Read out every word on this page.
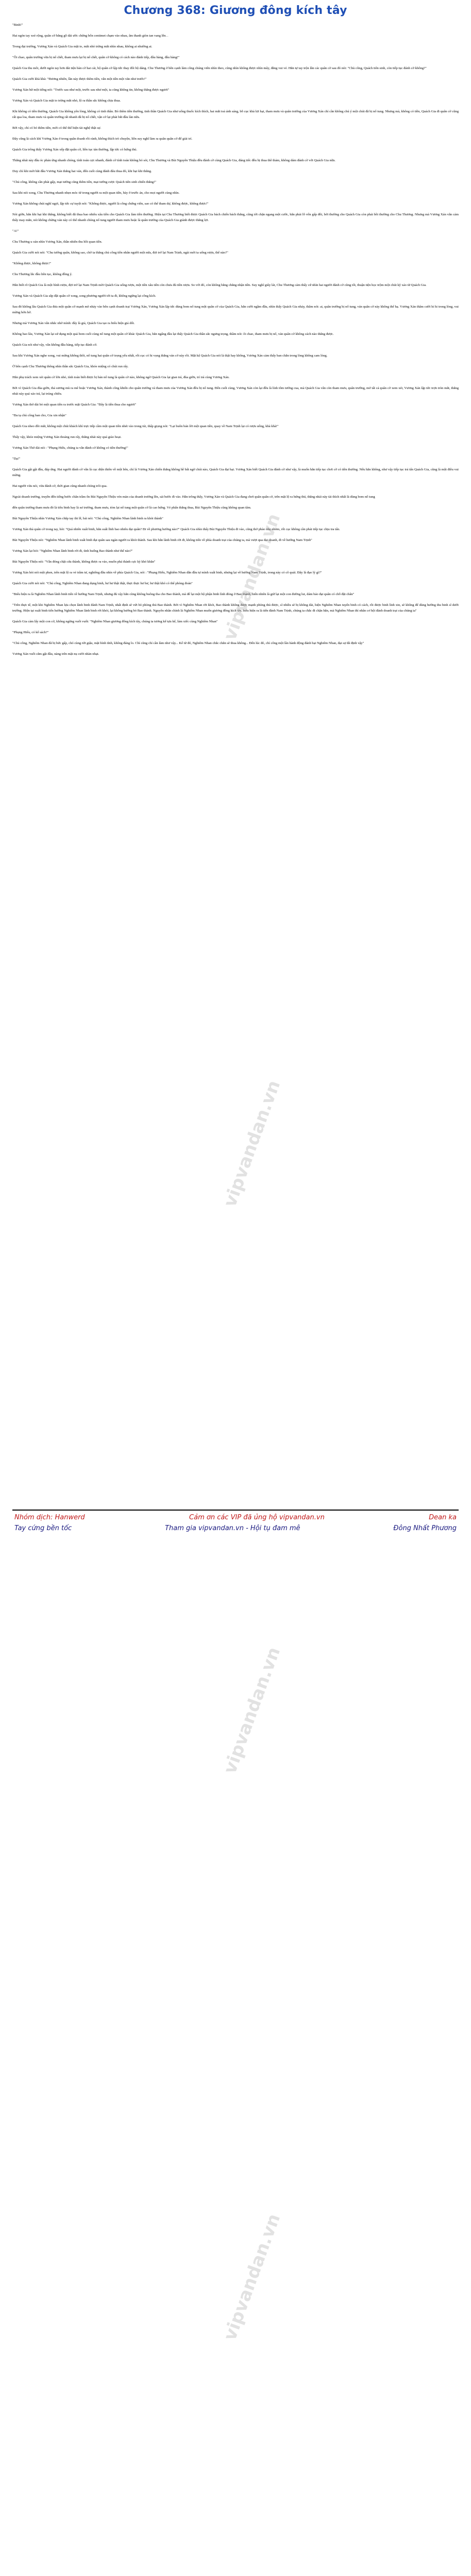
Chương 368: Giương đông kích tây

"Binh!"

Hai ngón tay xoè rộng, quân cờ bằng gỗ dài ước chừng bốn centimet chạm vào nhau, âm thanh giòn tan vang lên. .

Trong đại trướng, Vương Xán và Quách Gia mặt to, mắt nhỏ trừng mắt nhìn nhau, không ai nhường ai.

"Ôi chao, quân trướng vừa bị nổ chết, tham mưu lại bị nổ chết, quân cờ không có cách nào đánh tiếp, đầu hàng, đầu hàng!"

Quách Gia thu môi, dưới ngón tay hơn đái tiện bàn cờ hai cái, bộ quân cờ lập tức thay đổi bộ dáng. Chu Thương ở bên cạnh làm công chúng viên nhìn theo, cũng nhìn không được nhìn mây, đăng vui vẻ. Hẳn tự tay trộn lẫn các quân cờ sau đó nói: "Chủ công, Quách tiên sinh, còn tiếp tục đánh cờ không?"

Quách Gia cười khà khà: "Đương nhiên, lần này được thêm tiền, vẫn một tiền một văn như trước!"

Vương Xán hừ một tiếng nói: "Trước sau như một, trước sau như một, ta cũng không tin, không thắng được ngươi"

Vương Xán và Quách Gia mặt to trừng mắt nhỏ, lộ ra thần sắc không chịu thua.

Khi không có tiền thưởng, Quách Gia không yên lòng, không có tinh thần. Bỏ thêm tiền thưởng, tinh thần Quách Gia như uống thuốc kích thích, hai mắt toả ánh sáng, bỗ cục khả lợi hại, tham mưu và quân trướng của Vương Xán chỉ cần không chú ý một chút đã bị nổ tung. Nhưng mà, không có tiền, Quách Gia đi quân cờ cũng rất qua loa, tham mưu và quân trướng rất nhanh đã bị nổ chết, vận cờ lại phải bắt đầu làn nữa.

Bởi vậy, chỉ có bỏ thêm tiền, mới có thể thể hiện tài nghệ thật sự.

Đây cũng là cách khí Vương Xán ở trong quân doanh rồi rảnh, không thích trò chuyện, liền suy nghĩ làm ra quân quân cờ để giải trí.

Quách Gia trông thấy Vương Xán xếp đặt quân cờ, liền tục tán thưởng, lập tức có hứng thú.

Thắng nhái này đầu óc phản ứng nhanh chóng, tính toán cực nhanh, đánh cờ tính toán không bỏ sót, Chu Thương và Bùi Nguyên Thiệu đều đánh cờ cùng Quách Gia, đáng tiếc đều bị thua thê thảm, không dám đánh cờ với Quách Gia nữa.

Duy chỉ khi mới bắt đầu Vương Xán thắng hai ván, đến cuối cùng đánh đâu thua đó, khi bại khi thắng.

"Chủ công, không cần phải gấp, mạt tướng cũng thêm tiền, mạt tướng cược Quách tiên sinh chiến thắng!"

Sau khi nói xong, Chu Thương nhanh nhẹn móc từ trong người ra một quan tiền, bày ở trước án, cho mọi người cùng nhìn.

Vương Xán không chút nghĩ ngợi, lập tức cự tuyệt nói: "Không được, người là công chứng viên, sao có thể tham dự, không được, không được!"

Nói giỡn, hắn khi bại khi thắng, không biết đã thua bao nhiêu xâu tiền cho Quách Gia làm tiền thưởng. Hiện tại Chu Thương biết được Quách Gia bách chiến bách thắng, cũng tới chặn ngang một cước, hắn phải lỗ vốn gấp đôi, bởi thường cho Quách Gia còn phải bồi thường cho Chu Thương. Nhưng mà Vương Xán vẫn cảm thấy may mắn, nói không chừng ván này có thể nhanh chóng nổ tung người tham mưu hoặc là quân trướng của Quách Gia giành được thắng lợi.

"A!"

Chu Thương u oán nhìn Vương Xán, thần nhiên thu hồi quan tiền.

Quách Gia cười nói nói: "Chu tướng quân, không sao, chờ ta thắng chủ công tiền nhân người một nửa, đợi trở lại Nam Trịnh, ngài mời ta uống rượu, thế nào?"

"Không được, không được!"

Chu Thương lắc đầu liên tục, không đồng ý.

Hắn biết rõ Quách Gia là một bình rượu, đợi trở lại Nam Trịnh mời Quách Gia uống rượu, một tiền xâu tiền còn chưa đủ tiền rượu. So với đó, còn không bằng chẳng nhận tiền. Suy nghĩ giây lát, Chu Thương cảm thấy cứ nhìn hai người đánh cờ cũng tốt, thuận tiện học trộm một chút kỹ xảo từ Quách Gia.

Vương Xán và Quách Gia sắp đặt quân cờ xong, song phương người tới ta đi, không ngừng lại công kích.

Sau đó không lâu Quách Gia đưa một quân cờ mạnh mẽ nhảy vào bên cạnh doanh trại Vương Xán, Vương Xán lập tức dùng bom nổ tung một quân cờ của Quách Gia, hắn cười ngầm đầu, nhìn thấy Quách Gia nhảy, thâm nói: ai, quân trướng bị nổ tung, ván quân cờ này không thể hạ. Vương Xán thâm cười hi hi trong lòng, vui mừng hớn hở.

Nhưng mà Vương Xán vẫn nhắc nhở mình: đây là giả, Quách Gia tạo ra biểu hiện giả dối.

Không bao lâu, Vương Xán lại sử dụng một quả bom cuối cùng nổ tung một quân cờ khác Quách Gia, hẳn ngẩng đầu lại thấy Quách Gia thần sắc ngưng trọng, thầm nói: ôi chao, tham mưu bị nổ, ván quân cờ không cách nào thắng được.

Quách Gia nói như vậy, vẫn không đầu hàng, tiếp tục đánh cờ.

Sau khi Vương Xán nghe xong, vui mừng không thôi, nổ tung hai quân cờ trọng yếu nhất, rốt cục có hi vọng thắng ván cờ này rồi. Mặt kệ Quách Gia nói là thật hay không, Vương Xán cảm thấy ban chắn trong lòng không cam lòng.

Ở bên cạnh Chu Thương thông nhìn thần sắc Quách Gia, khóe miệng có chút run rẩy.

Hắn phụ trách xem xét quân cờ lớn nhỏ, tính toán biết được bị bản nổ tung là quân cờ nào, không ngờ Quách Gia lại gian trá, đùa giỡn, trí trá cùng Vương Xán.

Bởi vì Quách Gia đùa giỡn, thả sương mù ra mê hoặc Vương Xán, thành công khiến cho quân trướng và tham mưu của Vương Xán đều bị nổ tung. Đến cuối cùng, Vương Xán còn lại đều là lính tôm tướng cua, mà Quách Gia vẫn còn tham mưu, quân trướng, mở tất cả quân cờ xem xét, Vương Xán lập tức trợn tròn mắt, thắng nhái này quá xảo trá, lại trúng chiêu.

Vương Xán thở dài bỏ một quan tiền ra trước mặt Quách Gia: "Đây là tiền thua cho ngươi"

"Đa tạ chủ công ban cho, Gia xin nhận"

Quách Gia nheo đôi mắt, không một chút khách khí trực tiếp cầm một quan tiền nhét vào trong túi, thấp giọng nói: "Lại buôn bán lời một quan tiền, quay về Nam Trịnh lại có rượu uống, khà khà!"

Thấy vậy, khóe miệng Vương Xán thoáng run rẩy, thắng nhái này quá giảo hoạt.

Vương Xán Thở dài nói : "Phụng Hiếu, chúng ta vẫn đánh cờ không có tiền thưởng!"

"Dạ!"

Quách Gia gật gật đầu, đáp ứng. Hai người đánh cờ vẫn là cục diện thiên về một bên, chỉ là Vương Xán chiến thắng không hề bất ngờ chút nào, Quách Gia đại bại. Vương Xán biết Quách Gia đánh cờ như vậy, là muốn hắn tiếp tục chơi cờ có tiền thưởng. Nếu hắn không, như vậy tiếp tục trả tấn Quách Gia, cũng là một điều vui mừng.

Hai người vừa nói, vừa đánh cờ, thời gian cũng nhanh chóng trôi qua.

Ngoài doanh trướng, truyền đến tiếng bước chân trầm ổn Bùi Nguyên Thiệu vén màn của doanh trướng lên, sải bước đi vào. Hắn trông thấy, Vương Xán và Quách Gia đang chơi quân quân cờ, trên mặt lộ ra hứng thú, thắng nhái này tài thích nhất là dùng bom nổ tung

đến quân trướng tham mưu đó là tiêu binh hay là sư trướng, tham mưu, tóm lại nổ tung một quân cờ là cao hứng. Vẻ phấn thắng thua, Bùi Nguyên Thiệu cũng không quan tâm.

Bùi Nguyên Thiệu nhìn Vương Xán chắp tay thi lễ, bái nói: "Chủ công, Nghiêm Nhan lãnh binh ra khỏi thành"

Vương Xán thả quân cờ trong tay, hỏi: "Quá nhiên xuất binh, hắn suất lĩnh bao nhiêu đại quân? Đi về phương hướng nào?" Quách Gia nhìn thấy Bùi Nguyên Thiệu đi vào, cũng thở phào nhẹ nhõm, rốt cục không cần phải tiếp tục chịu tra tấn.

Bùi Nguyên Thiệu nói: "Nghiêm Nhan lãnh binh xuất binh đại quân sau ngàn người ra khỏi thành. Sau khi hắn lãnh binh rời đi, không tiến về phía doanh trại của chúng ta, mà vượt qua đại doanh, đi về hướng Nam Trịnh"

Vương Xán lại hỏi: "Nghiêm Nhan lãnh binh rời đi, tình huống Bao thành như thế nào?"

Bùi Nguyên Thiệu nói: "Vẫn đóng chặt cửa thành, không được ra vào, muốn phá thành cực kỳ khó khăn"

Vương Xán hỏi nói một phen, trên mặt lộ ra vẻ trầm tư, nghiêng đầu nhìn về phía Quách Gia, nói : "Phụng Hiếu, Nghiêm Nhan dẫn đầu tự mình xuất binh, nhưng lại về hướng Nam Trịnh, trong này có cô quái. Đây là đạo lý gì?"

Quách Gia cười nói nói: "Chủ công, Nghiêm Nhan đang dụng binh, hư hư thật thật, thực thực hư hư, hư thật khó có thể phòng đoán"

"Biểu hiện ra là Nghiêm Nhan lãnh binh tiến về hướng Nam Trịnh, nhưng đủ vậy hắn cũng không buông tha cho Bao thành, mà để lại một bộ phận binh lính đóng ở Bao thành, hiển nhiên là giữ lại một con đường lui, dám bảo đại quân có chỗ đặt chân"

"Trên thực tế, một khi Nghiêm Nhan lựa chọn lãnh binh đánh Nam Trịnh, nhất định sẽ vứt bỏ phòng thủ Bao thành. Bởi vì Nghiêm Nhan rời khỏi, Bao thành không được mạnh phòng thủ được, sĩ nhiều sẽ bị không dài, hiện Nghiêm Nhan tuyển binh có cách, rồi được binh lính xin, sẽ không để dùng hướng thu binh sĩ dưới trướng. Hiện tại xuất binh tiến hướng Nghiêm Nhan lãnh binh rời khỏi, lại không hướng bỏ Bao thành. Nguyên nhân chính là Nghiêm Nhan muốn giương đông kích tây, biểu hiện ra là tiến đánh Nam Trịnh, chúng ta chắc đi chặn hắn, mà Nghiêm Nhan thì nhân cơ hội đánh doanh trại của chúng ta"

Quách Gia cảm lấy một con cờ, không ngừng vuốt vuốt: "Nghiêm Nhan giương đông kích tây, chúng ta tương kế tựu kế, làm xiếc cùng Nghiêm Nhan"

"Phụng Hiếu, có kế sách?"

"Chủ công, Nghiêm Nhan đã bị bức gấp, chó cùng rứt giậu, mặt bình tĩnh, không đáng lo. Chỉ cũng chỉ cần làm như vậy... Kế từ đó, Nghiêm Nhan chắc chắn sẽ thua không... Đến lúc đó, chỉ công một lần hành động đánh bại Nghiêm Nhan, đại sự đã định vậy"

Vương Xán vuốt cằm gật đầu, nàng trên mặt nụ cười nhàn nhạt.

Nhóm dịch: Hanwerd	Cảm ơn các VIP đã ủng hộ vipvandan.vn	Dean ka
Tay cứng bền tốc	Tham gia vipvandan.vn - Hội tụ đam mê	Đông Nhất Phương
vipvandan.vn
vipvandan.vn
vipvandan.vn
vipvandan.vn
